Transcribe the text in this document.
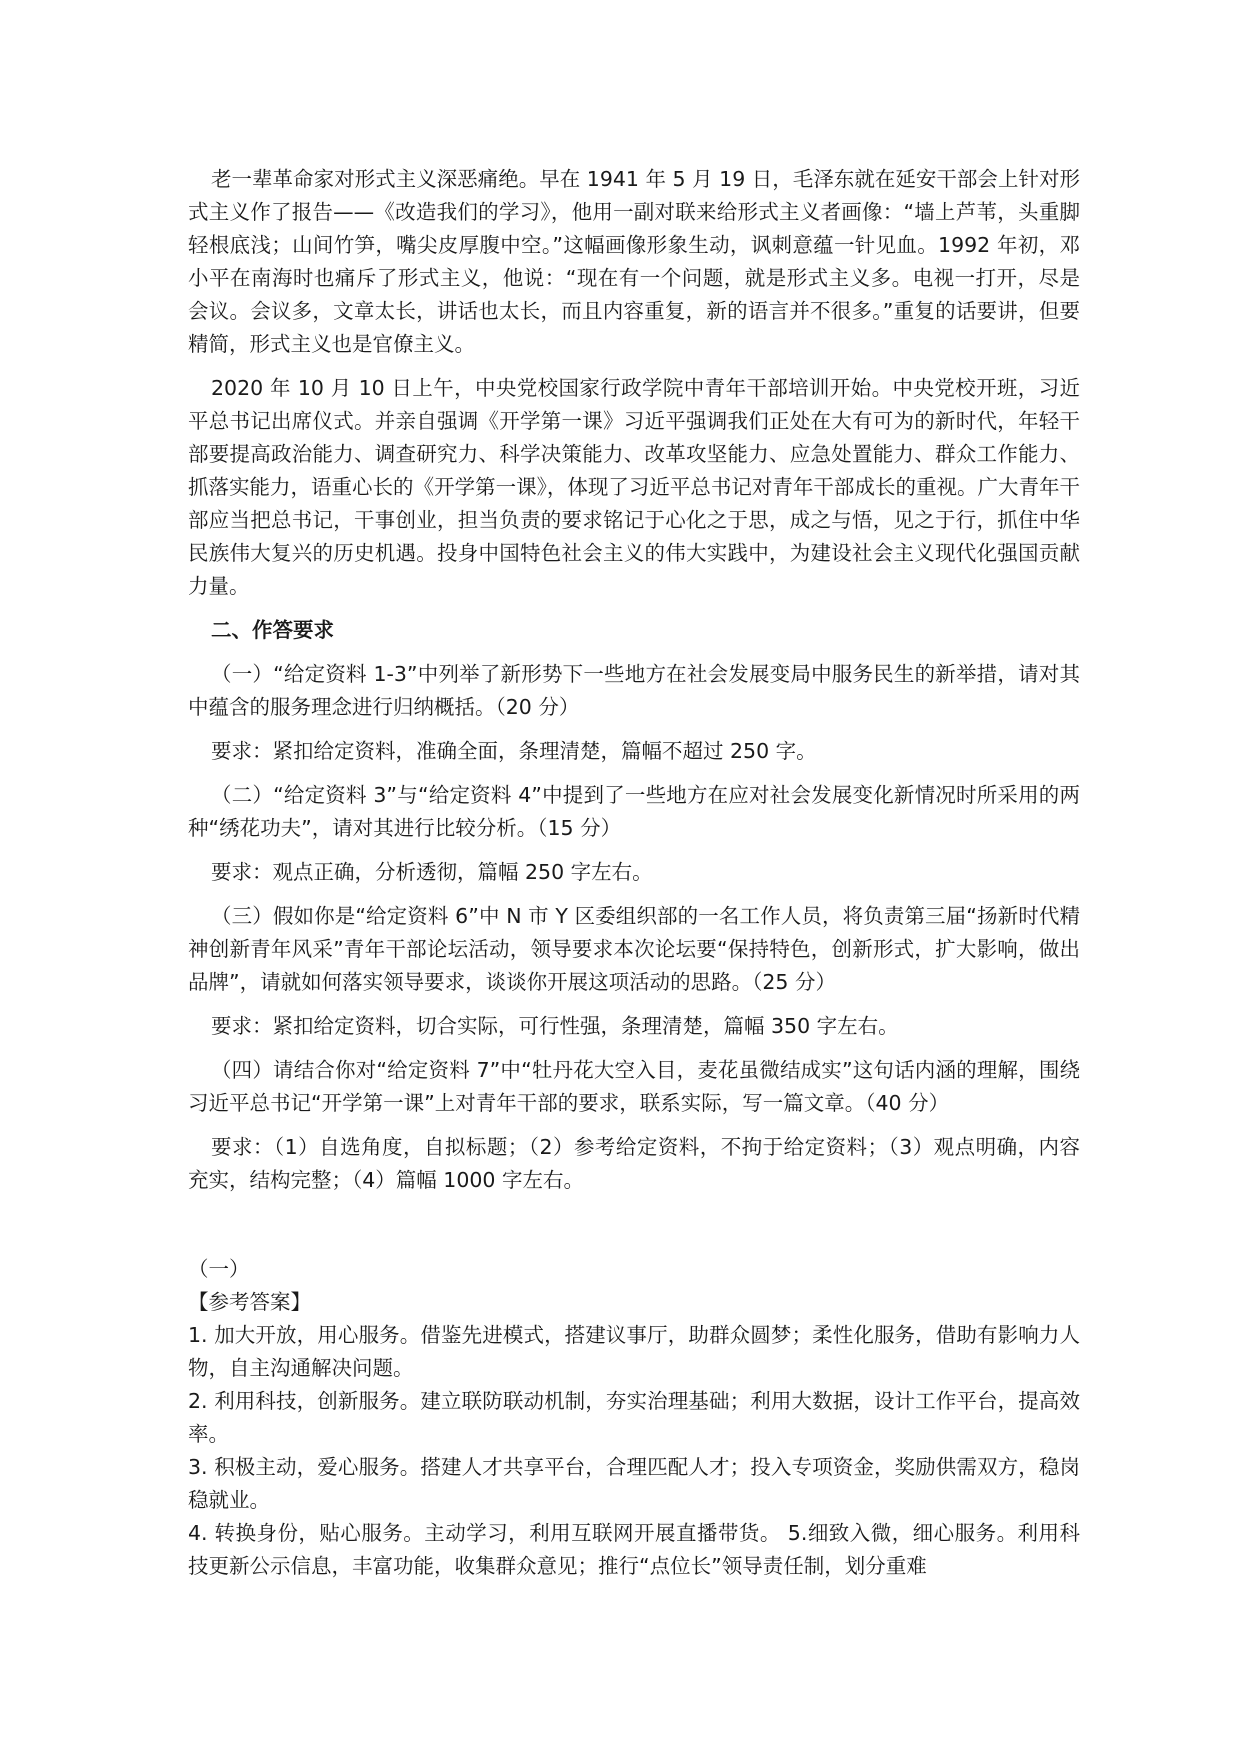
老一辈革命家对形式主义深恶痛绝。早在 1941 年 5 月 19 日，毛泽东就在延安干部会上针对形式主义作了报告——《改造我们的学习》，他用一副对联来给形式主义者画像：“墙上芦苇，头重脚轻根底浅；山间竹笋，嘴尖皮厚腹中空。”这幅画像形象生动，讽刺意蕴一针见血。1992 年初，邓小平在南海时也痛斥了形式主义，他说：“现在有一个问题，就是形式主义多。电视一打开，尽是会议。会议多，文章太长，讲话也太长，而且内容重复，新的语言并不很多。”重复的话要讲，但要精简，形式主义也是官僚主义。

2020 年 10 月 10 日上午，中央党校国家行政学院中青年干部培训开始。中央党校开班，习近平总书记出席仪式。并亲自强调《开学第一课》习近平强调我们正处在大有可为的新时代，年轻干部要提高政治能力、调查研究力、科学决策能力、改革攻坚能力、应急处置能力、群众工作能力、抓落实能力，语重心长的《开学第一课》，体现了习近平总书记对青年干部成长的重视。广大青年干部应当把总书记，干事创业，担当负责的要求铭记于心化之于思，成之与悟，见之于行，抓住中华民族伟大复兴的历史机遇。投身中国特色社会主义的伟大实践中，为建设社会主义现代化强国贡献力量。

二、作答要求

（一）“给定资料 1-3”中列举了新形势下一些地方在社会发展变局中服务民生的新举措，请对其中蕴含的服务理念进行归纳概括。（20 分）

要求：紧扣给定资料，准确全面，条理清楚，篇幅不超过 250 字。

（二）“给定资料 3”与“给定资料 4”中提到了一些地方在应对社会发展变化新情况时所采用的两种“绣花功夫”，请对其进行比较分析。（15 分）

要求：观点正确，分析透彻，篇幅 250 字左右。

（三）假如你是“给定资料 6”中 N 市 Y 区委组织部的一名工作人员，将负责第三届“扬新时代精神创新青年风采”青年干部论坛活动，领导要求本次论坛要“保持特色，创新形式，扩大影响，做出品牌”，请就如何落实领导要求，谈谈你开展这项活动的思路。（25 分）

要求：紧扣给定资料，切合实际，可行性强，条理清楚，篇幅 350 字左右。

（四）请结合你对“给定资料 7”中“牡丹花大空入目，麦花虽微结成实”这句话内涵的理解，围绕习近平总书记“开学第一课”上对青年干部的要求，联系实际，写一篇文章。（40 分）

要求：（1）自选角度，自拟标题；（2）参考给定资料，不拘于给定资料；（3）观点明确，内容充实，结构完整；（4）篇幅 1000 字左右。

（一）

【参考答案】

1. 加大开放，用心服务。借鉴先进模式，搭建议事厅，助群众圆梦；柔性化服务，借助有影响力人物，自主沟通解决问题。

2. 利用科技，创新服务。建立联防联动机制，夯实治理基础；利用大数据，设计工作平台，提高效率。

3. 积极主动，爱心服务。搭建人才共享平台，合理匹配人才；投入专项资金，奖励供需双方，稳岗稳就业。

4. 转换身份，贴心服务。主动学习，利用互联网开展直播带货。 5.细致入微，细心服务。利用科技更新公示信息，丰富功能，收集群众意见；推行“点位长”领导责任制，划分重难
